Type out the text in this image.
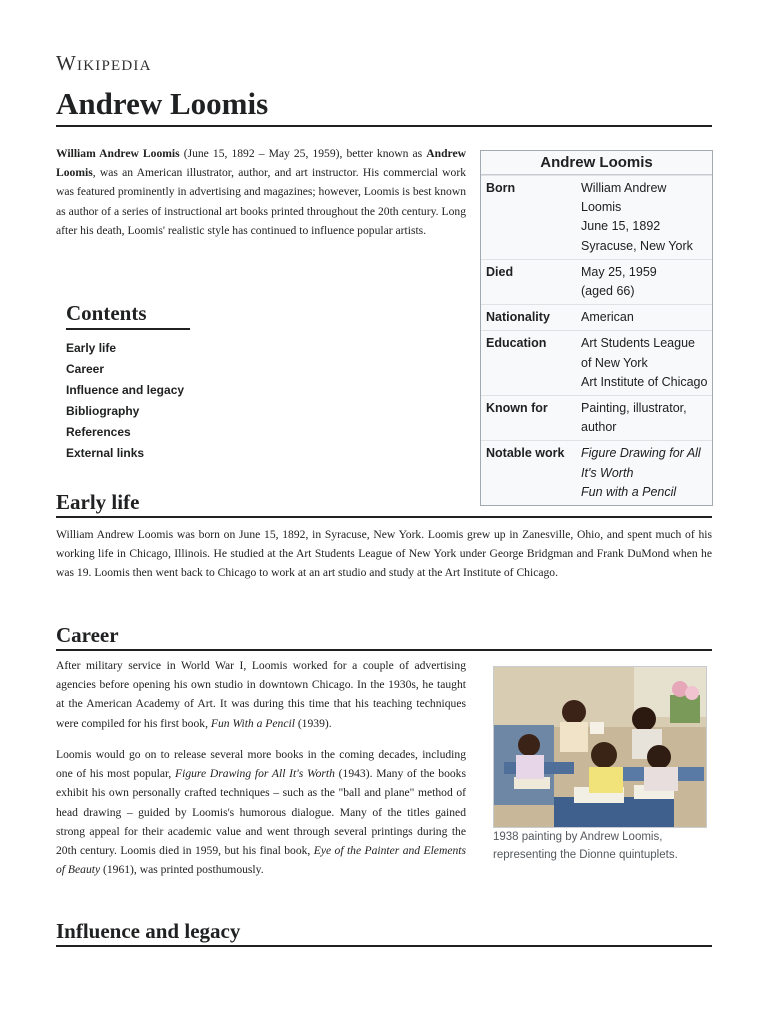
Wikipedia
Andrew Loomis

William Andrew Loomis (June 15, 1892 – May 25, 1959), better known as Andrew Loomis, was an American illustrator, author, and art instructor. His commercial work was featured prominently in advertising and magazines; however, Loomis is best known as author of a series of instructional art books printed throughout the 20th century. Long after his death, Loomis' realistic style has continued to influence popular artists.

Contents
Early life
Career
Influence and legacy
Bibliography
References
External links
Andrew Loomis
Born	William Andrew Loomis
June 15, 1892
Syracuse, New York
Died	May 25, 1959
(aged 66)
Nationality	American
Education	Art Students League of New York
Art Institute of Chicago
Known for	Painting, illustrator, author
Notable work	Figure Drawing for All It's Worth
Fun with a Pencil
Early life

William Andrew Loomis was born on June 15, 1892, in Syracuse, New York. Loomis grew up in Zanesville, Ohio, and spent much of his working life in Chicago, Illinois. He studied at the Art Students League of New York under George Bridgman and Frank DuMond when he was 19. Loomis then went back to Chicago to work at an art studio and study at the Art Institute of Chicago.

Career

After military service in World War I, Loomis worked for a couple of advertising agencies before opening his own studio in downtown Chicago. In the 1930s, he taught at the American Academy of Art. It was during this time that his teaching techniques were compiled for his first book, Fun With a Pencil (1939).

Loomis would go on to release several more books in the coming decades, including one of his most popular, Figure Drawing for All It's Worth (1943). Many of the books exhibit his own personally crafted techniques – such as the "ball and plane" method of head drawing – guided by Loomis's humorous dialogue. Many of the titles gained strong appeal for their academic value and went through several printings during the 20th century. Loomis died in 1959, but his final book, Eye of the Painter and Elements of Beauty (1961), was printed posthumously.

1938 painting by Andrew Loomis, representing the Dionne quintuplets.
Influence and legacy
